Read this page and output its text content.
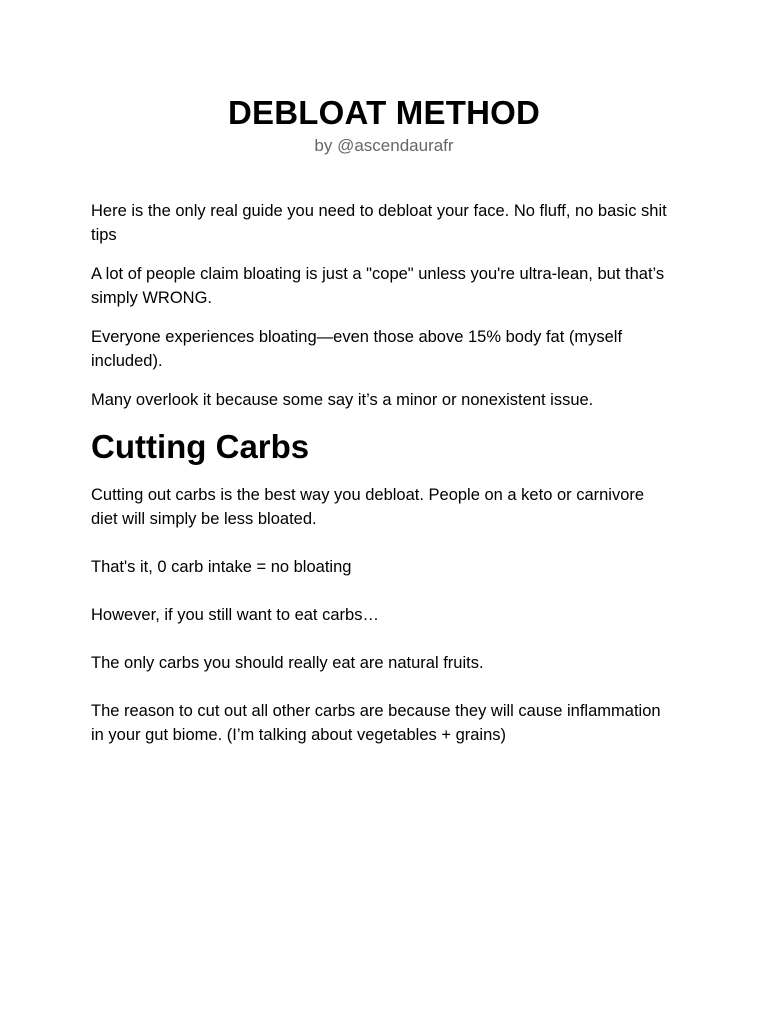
DEBLOAT METHOD
by @ascendaurafr

Here is the only real guide you need to debloat your face. No fluff, no basic shit tips

A lot of people claim bloating is just a "cope" unless you're ultra-lean, but that’s simply WRONG.

Everyone experiences bloating—even those above 15% body fat (myself included).

Many overlook it because some say it’s a minor or nonexistent issue.

Cutting Carbs

Cutting out carbs is the best way you debloat. People on a keto or carnivore diet will simply be less bloated.

That's it, 0 carb intake = no bloating

However, if you still want to eat carbs…

The only carbs you should really eat are natural fruits.

The reason to cut out all other carbs are because they will cause inflammation in your gut biome. (I’m talking about vegetables + grains)
